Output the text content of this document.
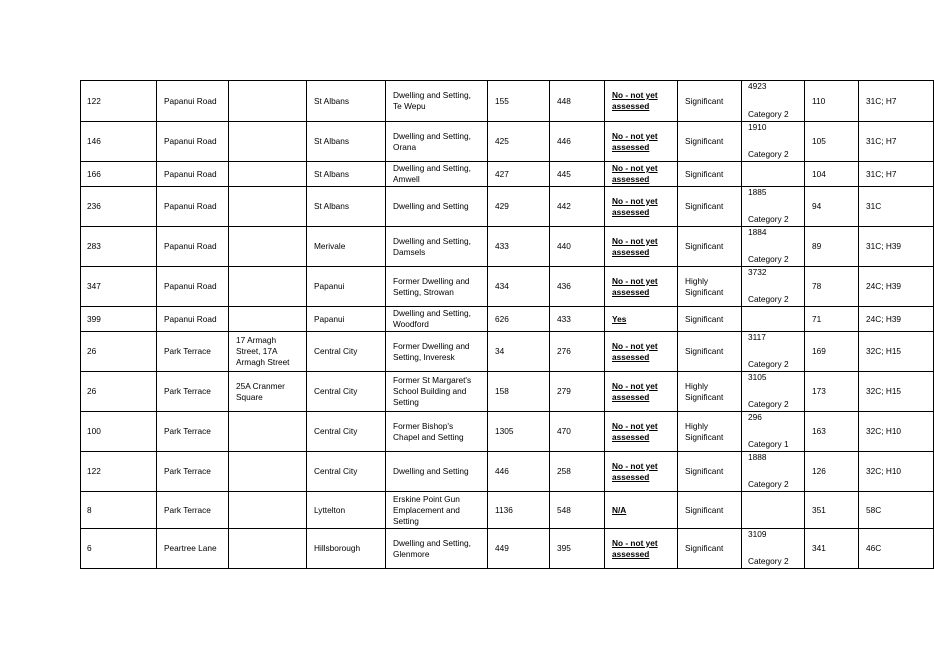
122	Papanui Road		St Albans	Dwelling and Setting, Te Wepu	155	448	No - not yet assessed	Significant	4923
Category 2	110	31C; H7
146	Papanui Road		St Albans	Dwelling and Setting, Orana	425	446	No - not yet assessed	Significant	1910
Category 2	105	31C; H7
166	Papanui Road		St Albans	Dwelling and Setting, Amwell	427	445	No - not yet assessed	Significant		104	31C; H7
236	Papanui Road		St Albans	Dwelling and Setting	429	442	No - not yet assessed	Significant	1885
Category 2	94	31C
283	Papanui Road		Merivale	Dwelling and Setting, Damsels	433	440	No - not yet assessed	Significant	1884
Category 2	89	31C; H39
347	Papanui Road		Papanui	Former Dwelling and Setting, Strowan	434	436	No - not yet assessed	Highly Significant	3732
Category 2	78	24C; H39
399	Papanui Road		Papanui	Dwelling and Setting, Woodford	626	433	Yes	Significant		71	24C; H39
26	Park Terrace	17 Armagh Street, 17A Armagh Street	Central City	Former Dwelling and Setting, Inveresk	34	276	No - not yet assessed	Significant	3117
Category 2	169	32C; H15
26	Park Terrace	25A Cranmer Square	Central City	Former St Margaret's School Building and Setting	158	279	No - not yet assessed	Highly Significant	3105
Category 2	173	32C; H15
100	Park Terrace		Central City	Former Bishop's Chapel and Setting	1305	470	No - not yet assessed	Highly Significant	296
Category 1	163	32C; H10
122	Park Terrace		Central City	Dwelling and Setting	446	258	No - not yet assessed	Significant	1888
Category 2	126	32C; H10
8	Park Terrace		Lyttelton	Erskine Point Gun Emplacement and Setting	1136	548	N/A	Significant		351	58C
6	Peartree Lane		Hillsborough	Dwelling and Setting, Glenmore	449	395	No - not yet assessed	Significant	3109
Category 2	341	46C
